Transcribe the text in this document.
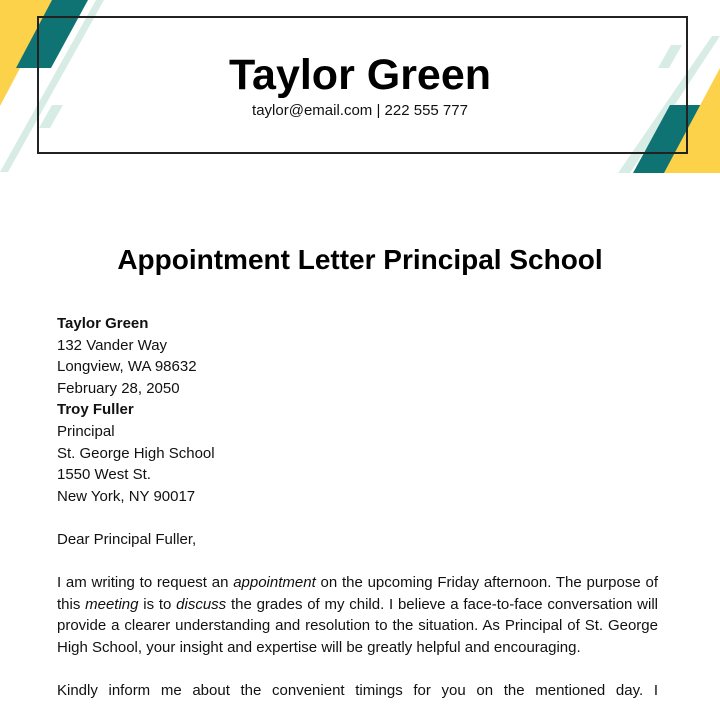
Taylor Green
taylor@email.com | 222 555 777
Appointment Letter Principal School
Taylor Green
132 Vander Way
Longview, WA 98632
February 28, 2050
Troy Fuller
Principal
St. George High School
1550 West St.
New York, NY 90017
Dear Principal Fuller,

I am writing to request an appointment on the upcoming Friday afternoon. The purpose of this meeting is to discuss the grades of my child. I believe a face-to-face conversation will provide a clearer understanding and resolution to the situation. As Principal of St. George High School, your insight and expertise will be greatly helpful and encouraging.

Kindly inform me about the convenient timings for you on the mentioned day. I
